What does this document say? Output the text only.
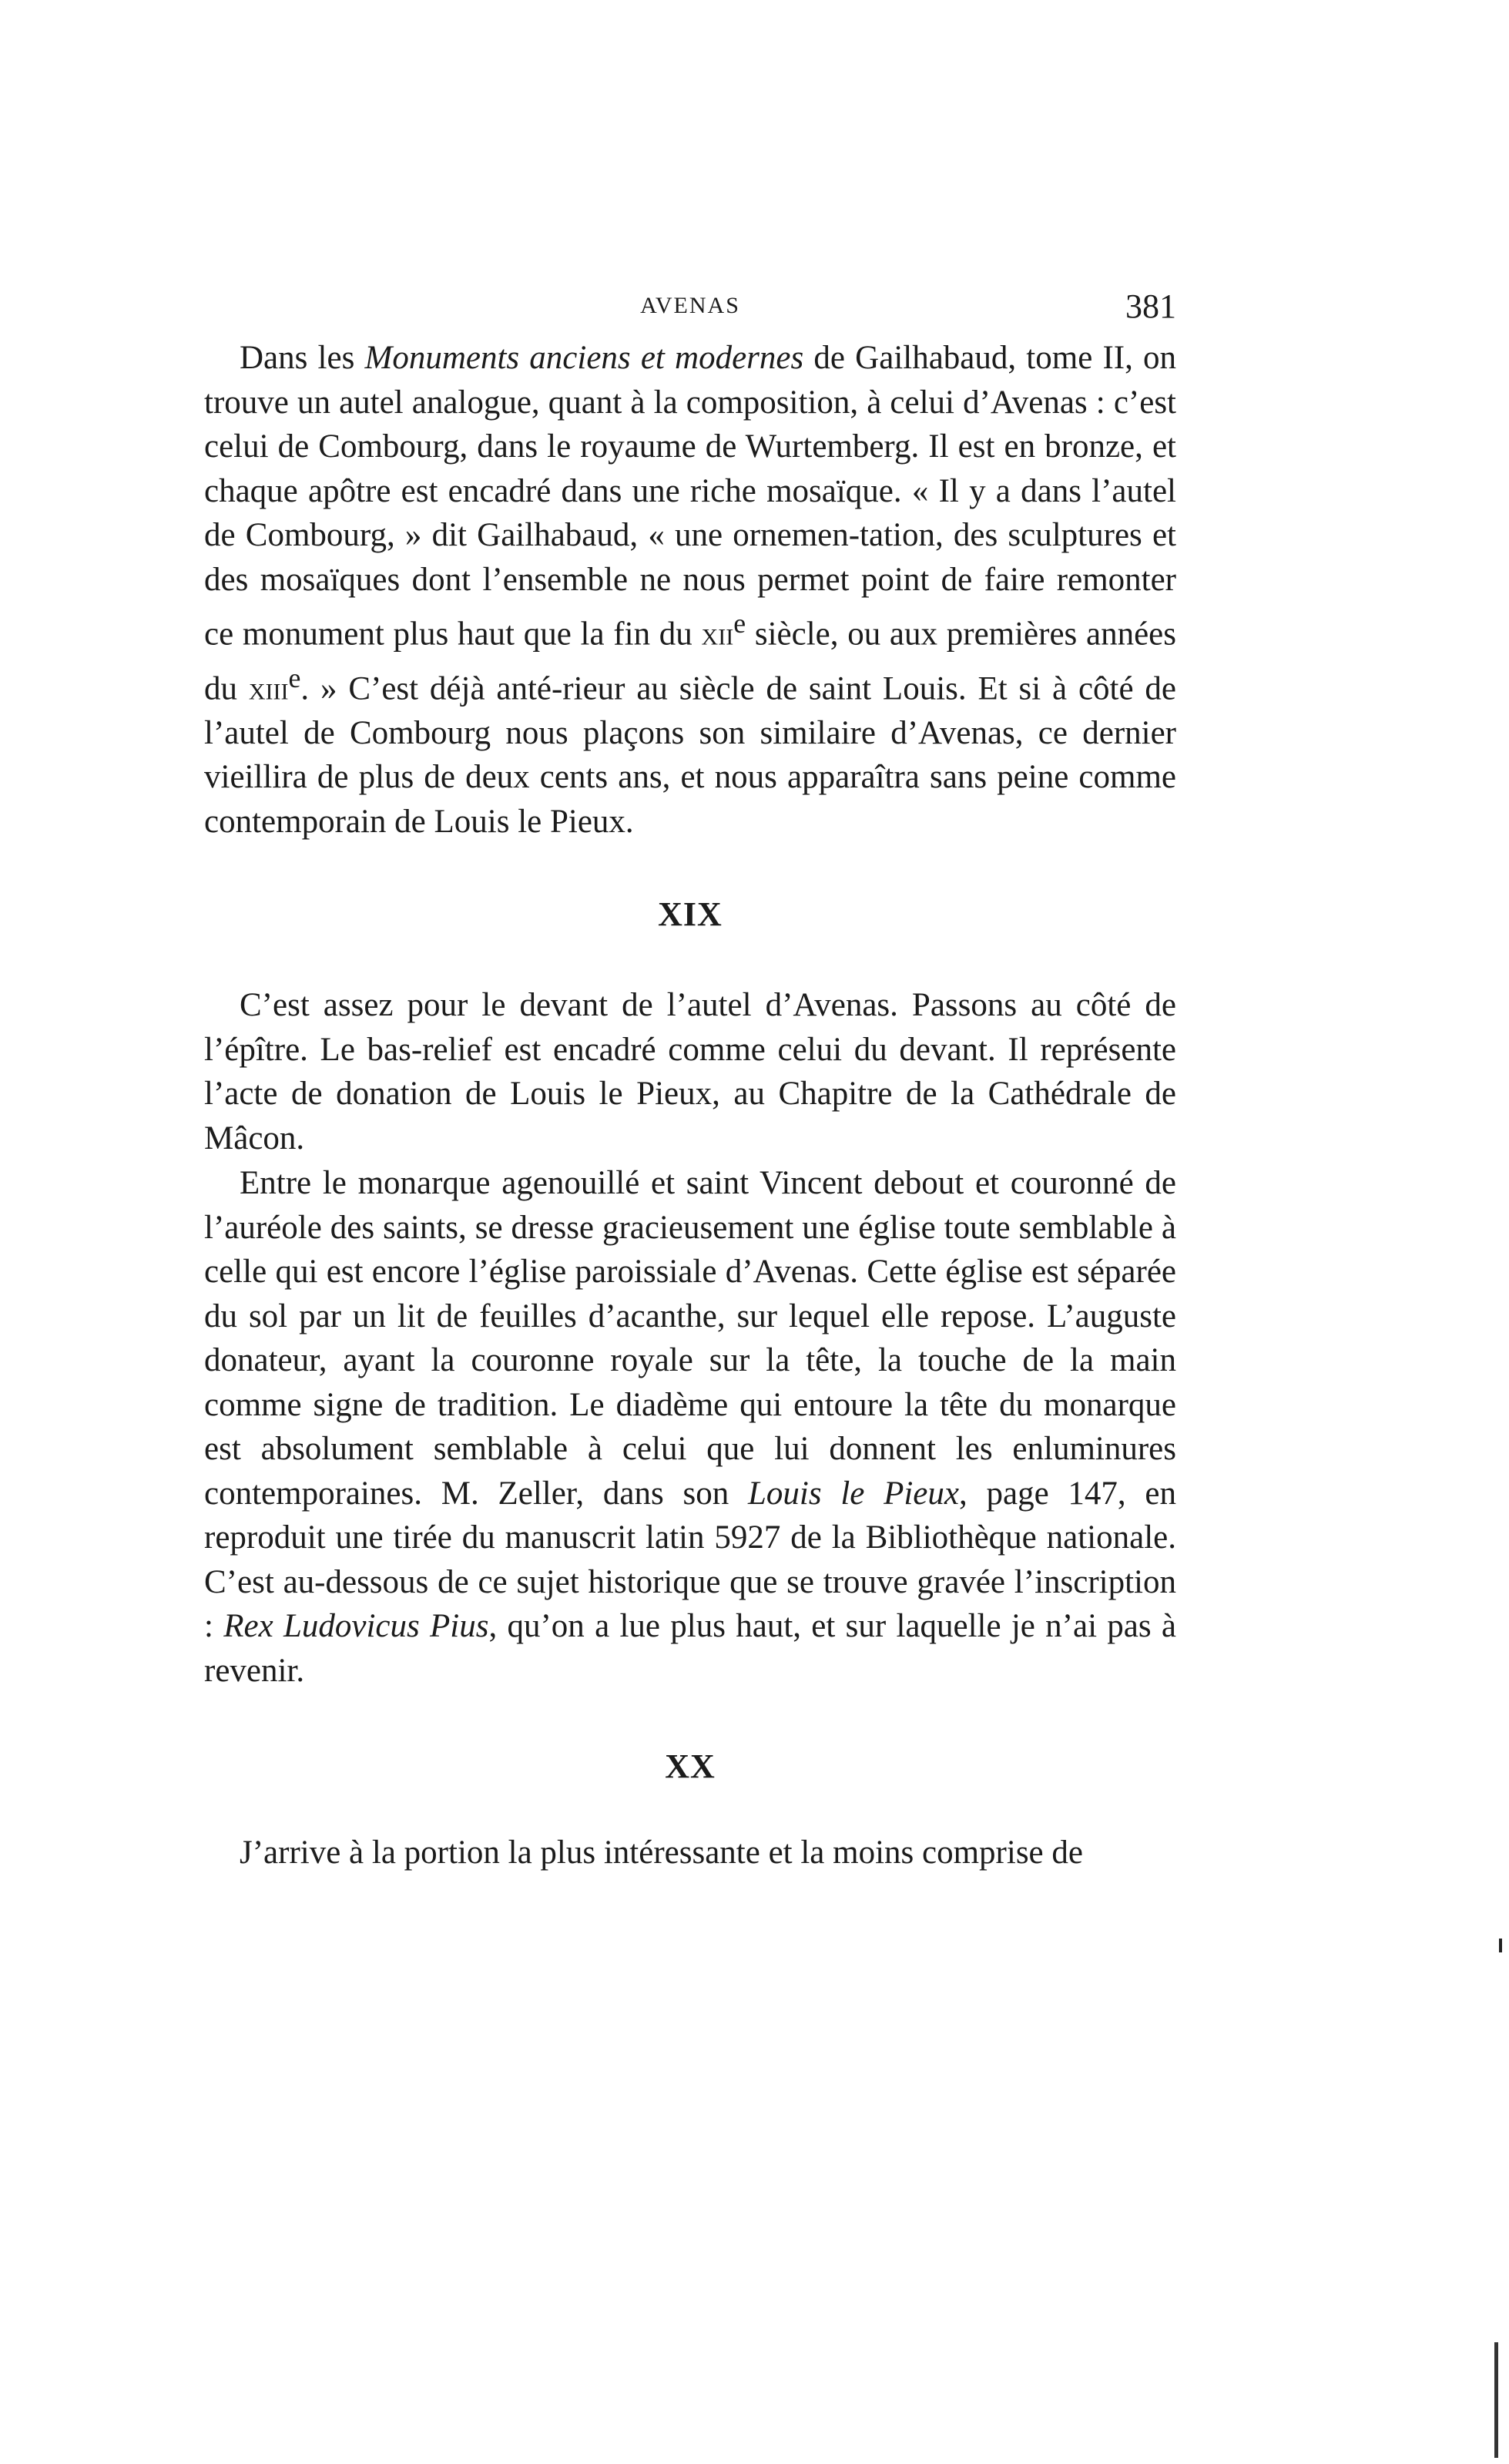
AVENAS	381

Dans les Monuments anciens et modernes de Gailhabaud, tome II, on trouve un autel analogue, quant à la composition, à celui d’Avenas : c’est celui de Combourg, dans le royaume de Wurtemberg. Il est en bronze, et chaque apôtre est encadré dans une riche mosaïque. « Il y a dans l’autel de Combourg, » dit Gailhabaud, « une ornemen-tation, des sculptures et des mosaïques dont l’ensemble ne nous permet point de faire remonter ce monument plus haut que la fin du xii$^e$ siècle, ou aux premières années du xiii$^e$. » C’est déjà anté-rieur au siècle de saint Louis. Et si à côté de l’autel de Combourg nous plaçons son similaire d’Avenas, ce dernier vieillira de plus de deux cents ans, et nous apparaîtra sans peine comme contemporain de Louis le Pieux.

XIX

C’est assez pour le devant de l’autel d’Avenas. Passons au côté de l’épître. Le bas-relief est encadré comme celui du devant. Il représente l’acte de donation de Louis le Pieux, au Chapitre de la Cathédrale de Mâcon.

Entre le monarque agenouillé et saint Vincent debout et couronné de l’auréole des saints, se dresse gracieusement une église toute semblable à celle qui est encore l’église paroissiale d’Avenas. Cette église est séparée du sol par un lit de feuilles d’acanthe, sur lequel elle repose. L’auguste donateur, ayant la couronne royale sur la tête, la touche de la main comme signe de tradition. Le diadème qui entoure la tête du monarque est absolument semblable à celui que lui donnent les enluminures contemporaines. M. Zeller, dans son Louis le Pieux, page 147, en reproduit une tirée du manuscrit latin 5927 de la Bibliothèque nationale. C’est au-dessous de ce sujet historique que se trouve gravée l’inscription : Rex Ludovicus Pius, qu’on a lue plus haut, et sur laquelle je n’ai pas à revenir.

XX

J’arrive à la portion la plus intéressante et la moins comprise de
